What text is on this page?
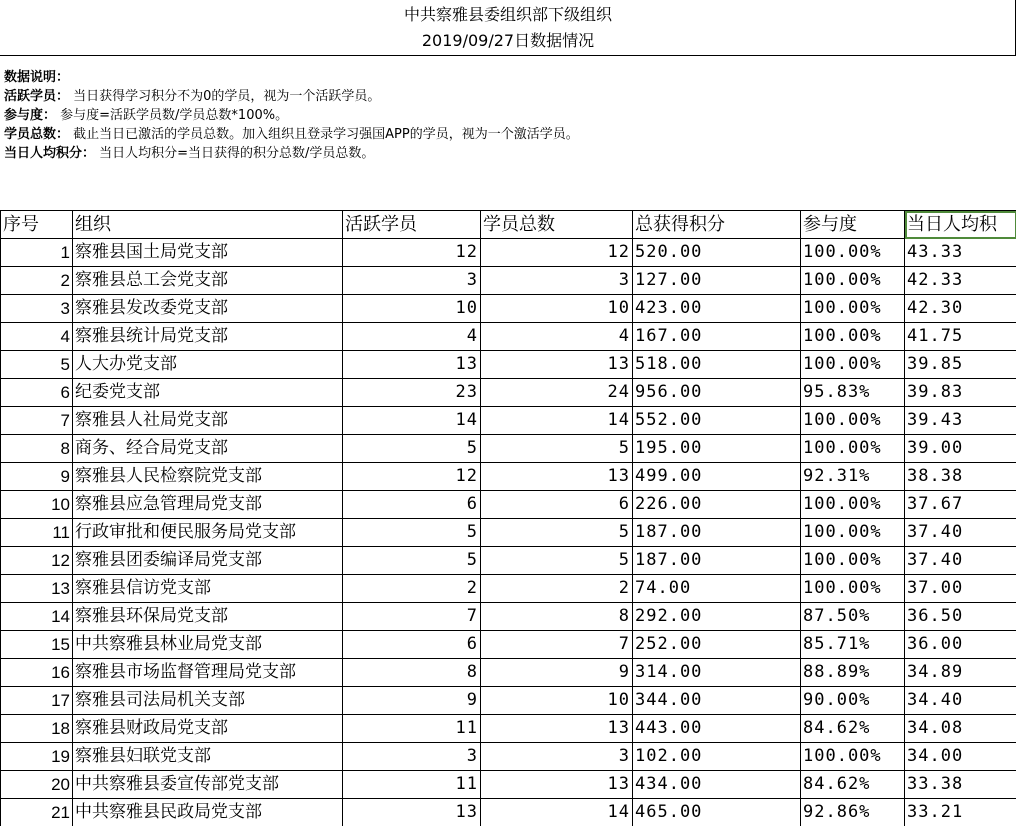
中共察雅县委组织部下级组织
2019/09/27日数据情况
数据说明：
活跃学员： 当日获得学习积分不为0的学员，视为一个活跃学员。
参与度： 参与度=活跃学员数/学员总数*100%。
学员总数： 截止当日已激活的学员总数。加入组织且登录学习强国APP的学员，视为一个激活学员。
当日人均积分： 当日人均积分=当日获得的积分总数/学员总数。
序号	组织	活跃学员	学员总数	总获得积分	参与度	当日人均积
1	察雅县国土局党支部	12	12	520.00	100.00%	43.33
2	察雅县总工会党支部	3	3	127.00	100.00%	42.33
3	察雅县发改委党支部	10	10	423.00	100.00%	42.30
4	察雅县统计局党支部	4	4	167.00	100.00%	41.75
5	人大办党支部	13	13	518.00	100.00%	39.85
6	纪委党支部	23	24	956.00	95.83%	39.83
7	察雅县人社局党支部	14	14	552.00	100.00%	39.43
8	商务、经合局党支部	5	5	195.00	100.00%	39.00
9	察雅县人民检察院党支部	12	13	499.00	92.31%	38.38
10	察雅县应急管理局党支部	6	6	226.00	100.00%	37.67
11	行政审批和便民服务局党支部	5	5	187.00	100.00%	37.40
12	察雅县团委编译局党支部	5	5	187.00	100.00%	37.40
13	察雅县信访党支部	2	2	74.00	100.00%	37.00
14	察雅县环保局党支部	7	8	292.00	87.50%	36.50
15	中共察雅县林业局党支部	6	7	252.00	85.71%	36.00
16	察雅县市场监督管理局党支部	8	9	314.00	88.89%	34.89
17	察雅县司法局机关支部	9	10	344.00	90.00%	34.40
18	察雅县财政局党支部	11	13	443.00	84.62%	34.08
19	察雅县妇联党支部	3	3	102.00	100.00%	34.00
20	中共察雅县委宣传部党支部	11	13	434.00	84.62%	33.38
21	中共察雅县民政局党支部	13	14	465.00	92.86%	33.21
